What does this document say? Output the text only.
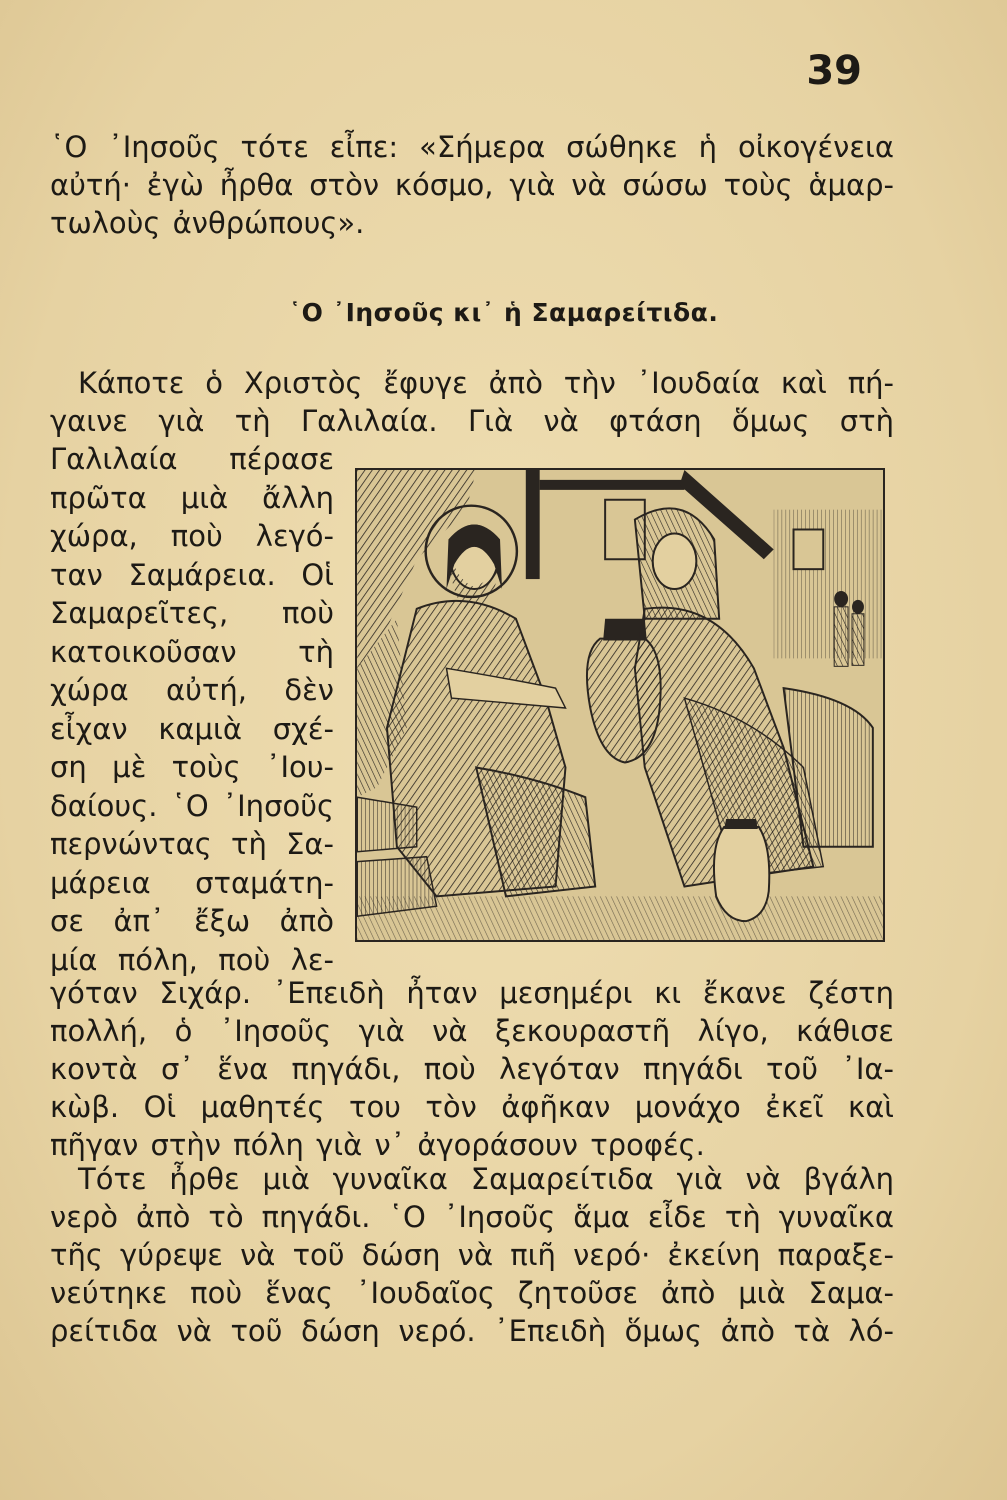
39
῾Ο ᾽Ιησοῦς τότε εἶπε: «Σήμερα σώθηκε ἡ οἰκογένεια
αὐτή· ἐγὼ ἦρθα στὸν κόσμο, γιὰ νὰ σώσω τοὺς ἁμαρ-
τωλοὺς ἀνθρώπους».
῾Ο ᾽Ιησοῦς κι᾽ ἡ Σαμαρείτιδα.
Κάποτε ὁ Χριστὸς ἔφυγε ἀπὸ τὴν ᾽Ιουδαία καὶ πή-
γαινε γιὰ τὴ Γαλιλαία. Γιὰ νὰ φτάση ὅμως στὴ
Γαλιλαία πέρασε
πρῶτα μιὰ ἄλλη
χώρα, ποὺ λεγό-
ταν Σαμάρεια. Οἱ
Σαμαρεῖτες, ποὺ
κατοικοῦσαν τὴ
χώρα αὐτή, δὲν
εἶχαν καμιὰ σχέ-
ση μὲ τοὺς ᾽Ιου-
δαίους. ῾Ο ᾽Ιησοῦς
περνώντας τὴ Σα-
μάρεια σταμάτη-
σε ἀπ᾽ ἔξω ἀπὸ
μία πόλη, ποὺ λε-
γόταν Σιχάρ. ᾽Επειδὴ ἦταν μεσημέρι κι ἔκανε ζέστη
πολλή, ὁ ᾽Ιησοῦς γιὰ νὰ ξεκουραστῆ λίγο, κάθισε
κοντὰ σ᾽ ἕνα πηγάδι, ποὺ λεγόταν πηγάδι τοῦ ᾽Ια-
κὼβ. Οἱ μαθητές του τὸν ἀφῆκαν μονάχο ἐκεῖ καὶ
πῆγαν στὴν πόλη γιὰ ν᾽ ἀγοράσουν τροφές.
Τότε ἦρθε μιὰ γυναῖκα Σαμαρείτιδα γιὰ νὰ βγάλη
νερὸ ἀπὸ τὸ πηγάδι. ῾Ο ᾽Ιησοῦς ἅμα εἶδε τὴ γυναῖκα
τῆς γύρεψε νὰ τοῦ δώση νὰ πιῆ νερό· ἐκείνη παραξε-
νεύτηκε ποὺ ἕνας ᾽Ιουδαῖος ζητοῦσε ἀπὸ μιὰ Σαμα-
ρείτιδα νὰ τοῦ δώση νερό. ᾽Επειδὴ ὅμως ἀπὸ τὰ λό-
